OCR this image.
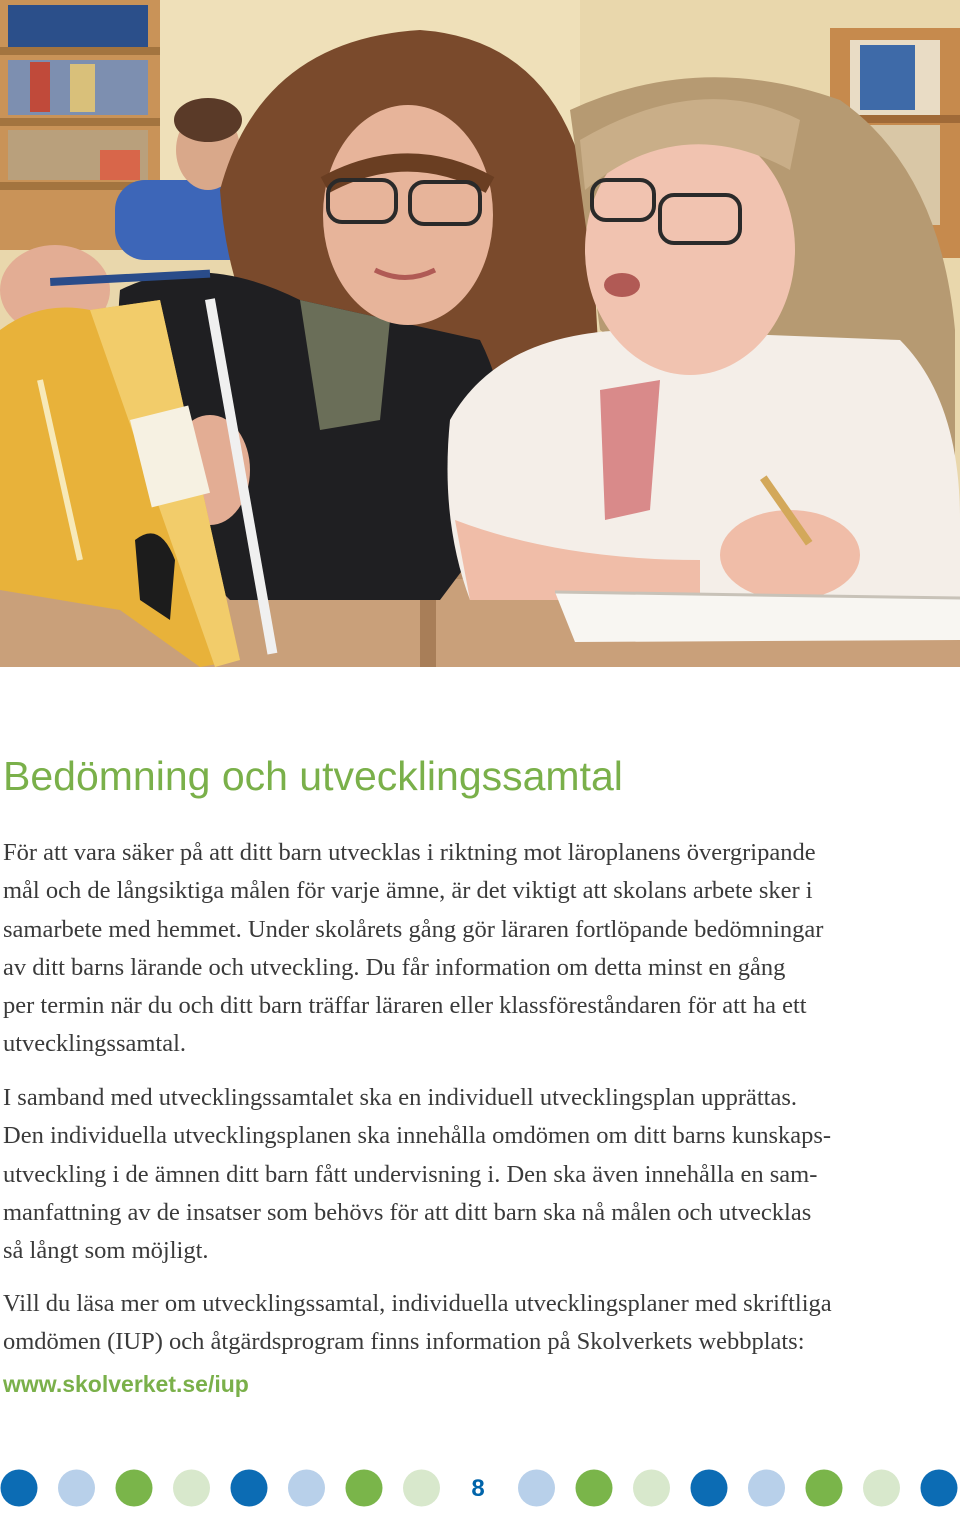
Bedömning och utvecklingssamtal
För att vara säker på att ditt barn utvecklas i riktning mot läroplanens övergripande
mål och de långsiktiga målen för varje ämne, är det viktigt att skolans arbete sker i
samarbete med hemmet. Under skolårets gång gör läraren fortlöpande bedömningar
av ditt barns lärande och utveckling. Du får information om detta minst en gång
per termin när du och ditt barn träffar läraren eller klassföreståndaren för att ha ett
utvecklingssamtal.
I samband med utvecklingssamtalet ska en individuell utvecklingsplan upprättas.
Den individuella utvecklingsplanen ska innehålla omdömen om ditt barns kunskaps-
utveckling i de ämnen ditt barn fått undervisning i. Den ska även innehålla en sam-
manfattning av de insatser som behövs för att ditt barn ska nå målen och utvecklas
så långt som möjligt.
Vill du läsa mer om utvecklingssamtal, individuella utvecklingsplaner med skriftliga
omdömen (IUP) och åtgärdsprogram finns information på Skolverkets webbplats:
www.skolverket.se/iup
8
